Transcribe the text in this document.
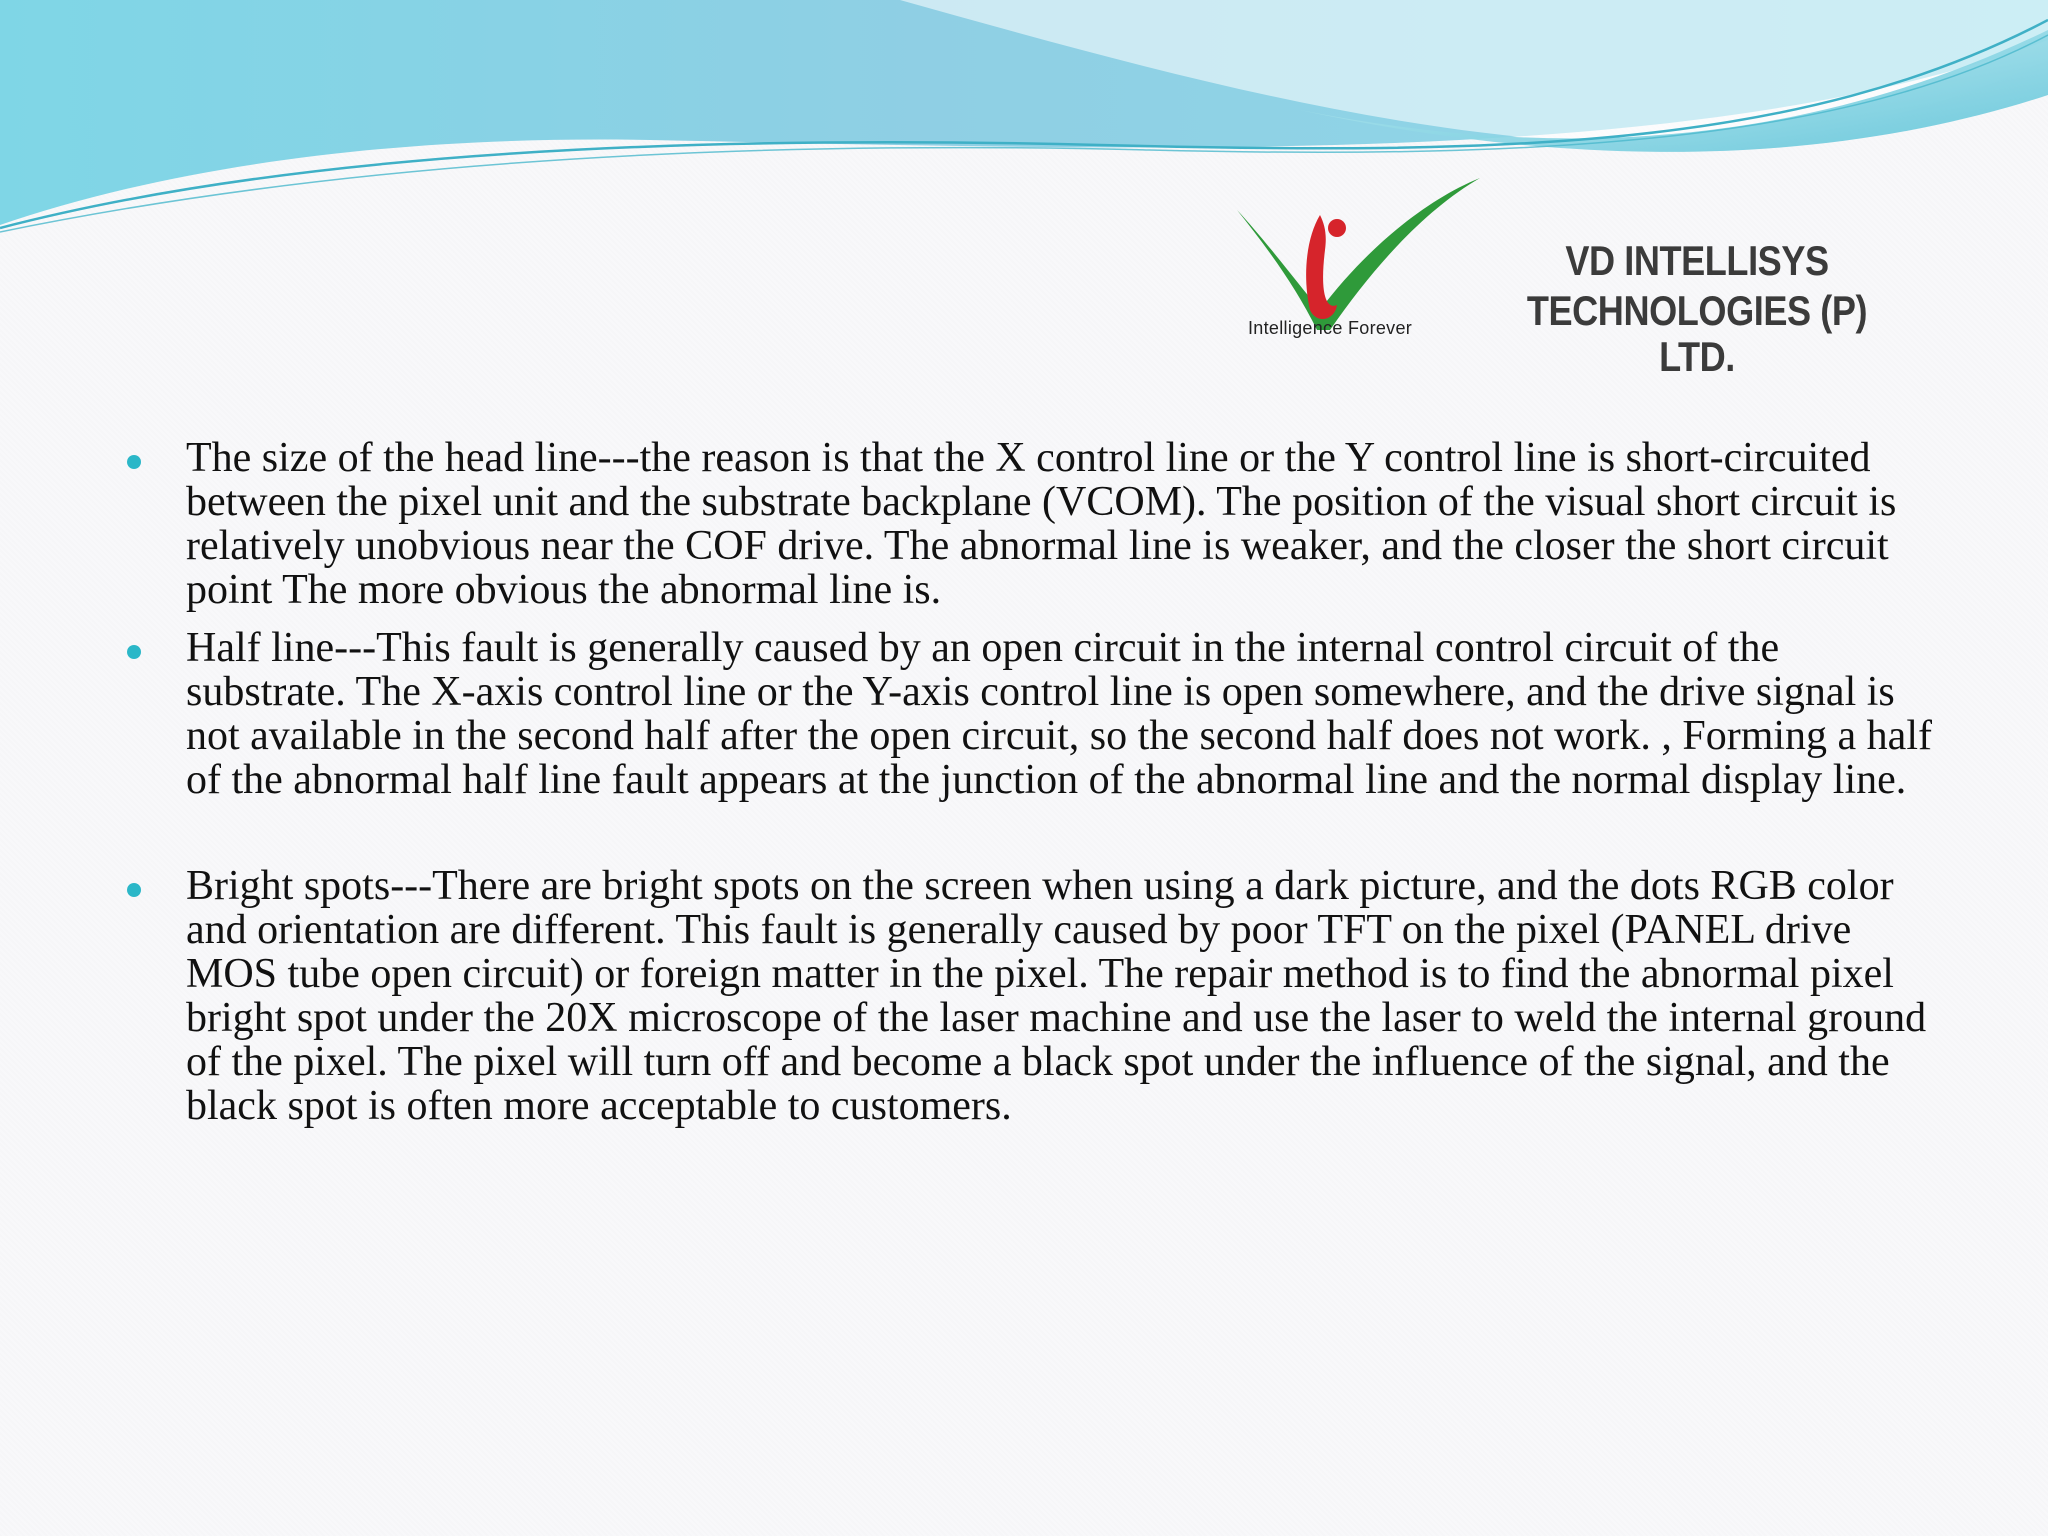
Intelligence Forever
VD INTELLISYS
TECHNOLOGIES (P) LTD.
The size of the head line---the reason is that the X control line or the Y control line is short-circuited between the pixel unit and the substrate backplane (VCOM). The position of the visual short circuit is relatively unobvious near the COF drive. The abnormal line is weaker, and the closer the short circuit point The more obvious the abnormal line is.
Half line---This fault is generally caused by an open circuit in the internal control circuit of the substrate. The X-axis control line or the Y-axis control line is open somewhere, and the drive signal is not available in the second half after the open circuit, so the second half does not work. , Forming a half of the abnormal half line fault appears at the junction of the abnormal line and the normal display line.
Bright spots---There are bright spots on the screen when using a dark picture, and the dots RGB color and orientation are different. This fault is generally caused by poor TFT on the pixel (PANEL drive MOS tube open circuit) or foreign matter in the pixel. The repair method is to find the abnormal pixel bright spot under the 20X microscope of the laser machine and use the laser to weld the internal ground of the pixel. The pixel will turn off and become a black spot under the influence of the signal, and the black spot is often more acceptable to customers.
